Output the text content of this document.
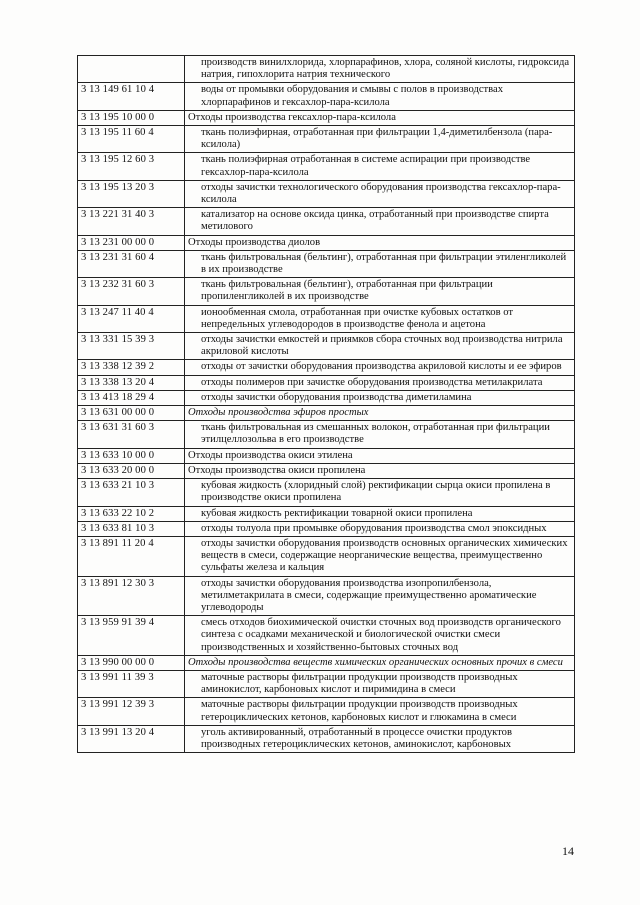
	производств винилхлорида, хлорпарафинов, хлора, соляной кислоты, гидроксида натрия, гипохлорита натрия технического
3 13 149 61 10 4	воды от промывки оборудования и смывы с полов в производствах хлорпарафинов и гексахлор-пара-ксилола
3 13 195 10 00 0	Отходы производства гексахлор-пара-ксилола
3 13 195 11 60 4	ткань полиэфирная, отработанная при фильтрации 1,4-диметилбензола (пара-ксилола)
3 13 195 12 60 3	ткань полиэфирная отработанная в системе аспирации при производстве гексахлор-пара-ксилола
3 13 195 13 20 3	отходы зачистки технологического оборудования производства гексахлор-пара-ксилола
3 13 221 31 40 3	катализатор на основе оксида цинка, отработанный при производстве спирта метилового
3 13 231 00 00 0	Отходы производства диолов
3 13 231 31 60 4	ткань фильтровальная (бельтинг), отработанная при фильтрации этиленгликолей в их производстве
3 13 232 31 60 3	ткань фильтровальная (бельтинг), отработанная при фильтрации пропиленгликолей в их производстве
3 13 247 11 40 4	ионообменная смола, отработанная при очистке кубовых остатков от непредельных углеводородов в производстве фенола и ацетона
3 13 331 15 39 3	отходы зачистки емкостей и приямков сбора сточных вод производства нитрила акриловой кислоты
3 13 338 12 39 2	отходы от зачистки оборудования производства акриловой кислоты и ее эфиров
3 13 338 13 20 4	отходы полимеров при зачистке оборудования производства метилакрилата
3 13 413 18 29 4	отходы зачистки оборудования производства диметиламина
3 13 631 00 00 0	Отходы производства эфиров простых
3 13 631 31 60 3	ткань фильтровальная из смешанных волокон, отработанная при фильтрации этилцеллозольва в его производстве
3 13 633 10 00 0	Отходы производства окиси этилена
3 13 633 20 00 0	Отходы производства окиси пропилена
3 13 633 21 10 3	кубовая жидкость (хлоридный слой) ректификации сырца окиси пропилена в производстве окиси пропилена
3 13 633 22 10 2	кубовая жидкость ректификации товарной окиси пропилена
3 13 633 81 10 3	отходы толуола при промывке оборудования производства смол эпоксидных
3 13 891 11 20 4	отходы зачистки оборудования производств основных органических химических веществ в смеси, содержащие неорганические вещества, преимущественно сульфаты железа и кальция
3 13 891 12 30 3	отходы зачистки оборудования производства изопропилбензола, метилметакрилата в смеси, содержащие преимущественно ароматические углеводороды
3 13 959 91 39 4	смесь отходов биохимической очистки сточных вод производств органического синтеза с осадками механической и биологической очистки смеси производственных и хозяйственно-бытовых сточных вод
3 13 990 00 00 0	Отходы производства веществ химических органических основных прочих в смеси
3 13 991 11 39 3	маточные растворы фильтрации продукции производств производных аминокислот, карбоновых кислот и пиримидина в смеси
3 13 991 12 39 3	маточные растворы фильтрации продукции производств производных гетероциклических кетонов, карбоновых кислот и глюкамина в смеси
3 13 991 13 20 4	уголь активированный, отработанный в процессе очистки продуктов производных гетероциклических кетонов, аминокислот, карбоновых
14
